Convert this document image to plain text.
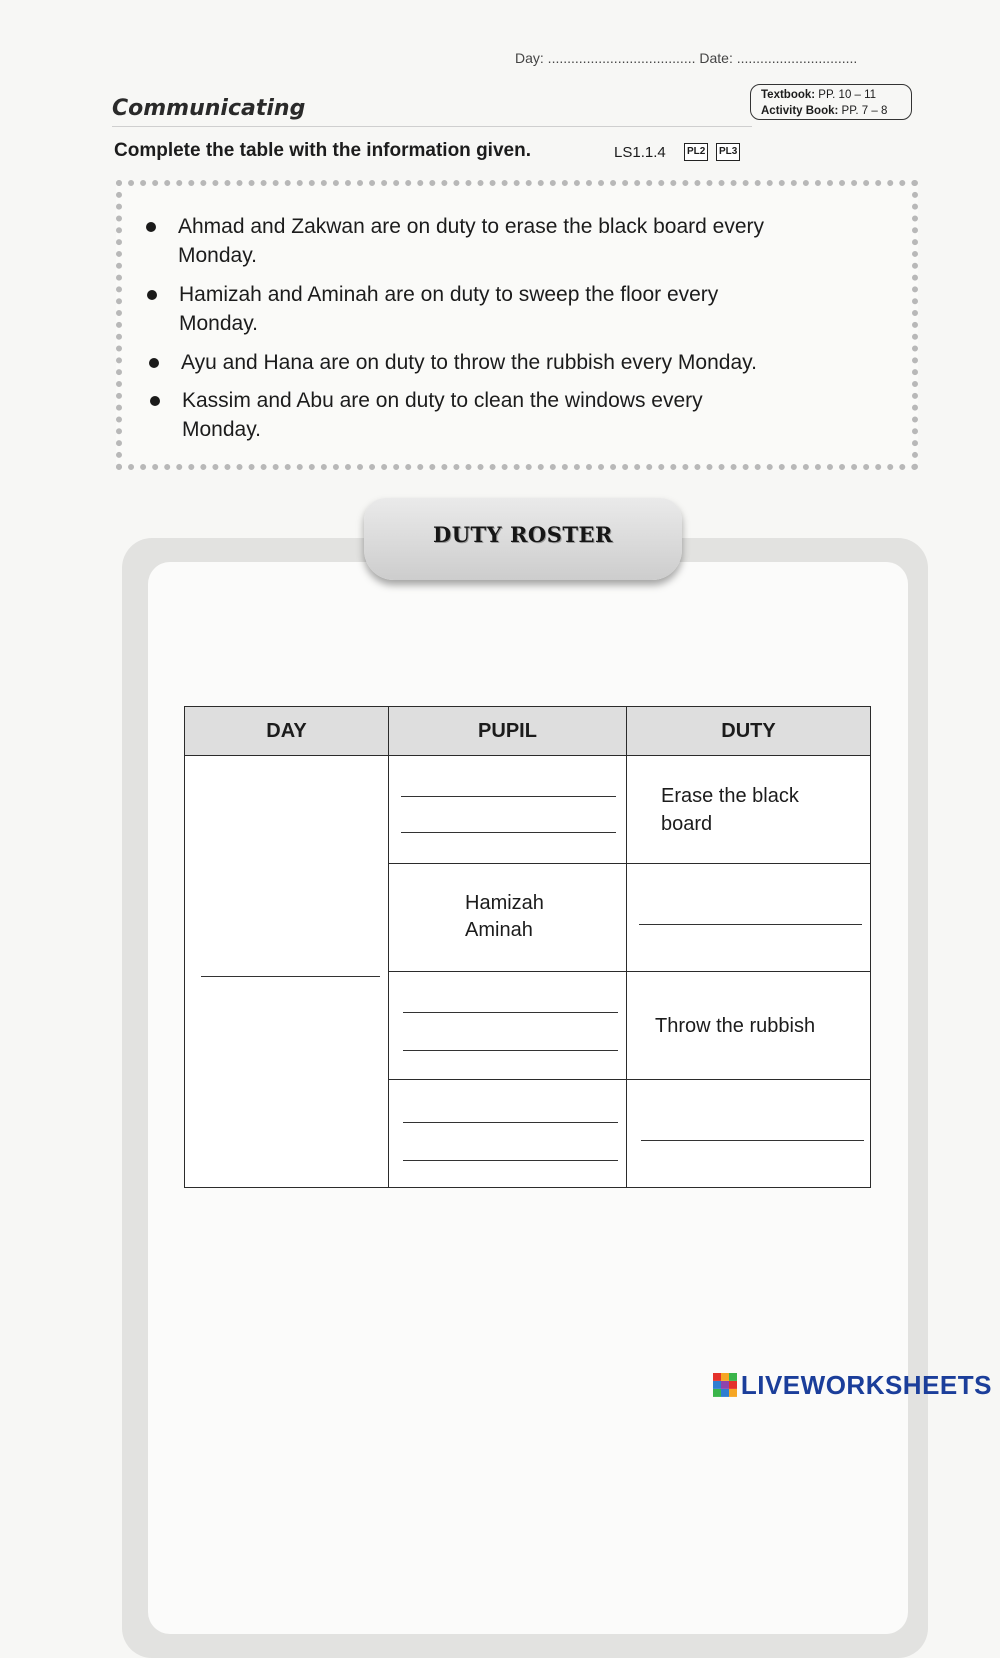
Day: ...................................... Date: ...............................
Communicating
Textbook: PP. 10 – 11
Activity Book: PP. 7 – 8
Complete the table with the information given.	LS1.1.4	PL2	PL3
Ahmad and Zakwan are on duty to erase the black board every
Monday.
Hamizah and Aminah are on duty to sweep the floor every
Monday.
Ayu and Hana are on duty to throw the rubbish every Monday.
Kassim and Abu are on duty to clean the windows every
Monday.
DUTY ROSTER
DAY	PUPIL	DUTY

		Erase the black
board

	Hamizah
Aminah	

		Throw the rubbish

LIVEWORKSHEETS
